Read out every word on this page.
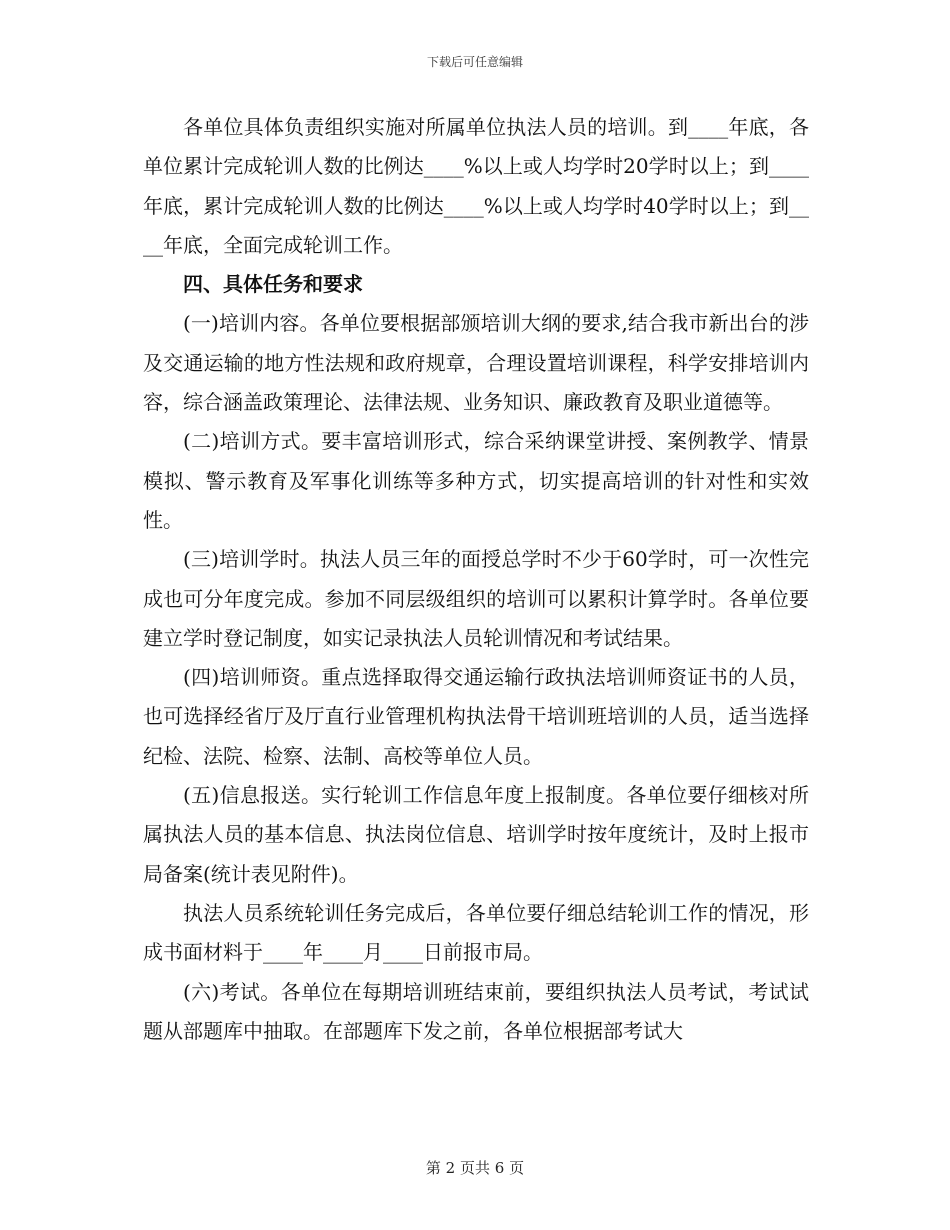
下载后可任意编辑

各单位具体负责组织实施对所属单位执法人员的培训。到____年底，各单位累计完成轮训人数的比例达____%以上或人均学时20学时以上；到____年底，累计完成轮训人数的比例达____%以上或人均学时40学时以上；到____年底，全面完成轮训工作。

四、具体任务和要求

(一)培训内容。各单位要根据部颁培训大纲的要求,结合我市新出台的涉及交通运输的地方性法规和政府规章，合理设置培训课程，科学安排培训内容，综合涵盖政策理论、法律法规、业务知识、廉政教育及职业道德等。

(二)培训方式。要丰富培训形式，综合采纳课堂讲授、案例教学、情景模拟、警示教育及军事化训练等多种方式，切实提高培训的针对性和实效性。

(三)培训学时。执法人员三年的面授总学时不少于60学时，可一次性完成也可分年度完成。参加不同层级组织的培训可以累积计算学时。各单位要建立学时登记制度，如实记录执法人员轮训情况和考试结果。

(四)培训师资。重点选择取得交通运输行政执法培训师资证书的人员，也可选择经省厅及厅直行业管理机构执法骨干培训班培训的人员，适当选择纪检、法院、检察、法制、高校等单位人员。

(五)信息报送。实行轮训工作信息年度上报制度。各单位要仔细核对所属执法人员的基本信息、执法岗位信息、培训学时按年度统计，及时上报市局备案(统计表见附件)。

执法人员系统轮训任务完成后，各单位要仔细总结轮训工作的情况，形成书面材料于____年____月____日前报市局。

(六)考试。各单位在每期培训班结束前，要组织执法人员考试，考试试题从部题库中抽取。在部题库下发之前，各单位根据部考试大

第 2 页共 6 页
